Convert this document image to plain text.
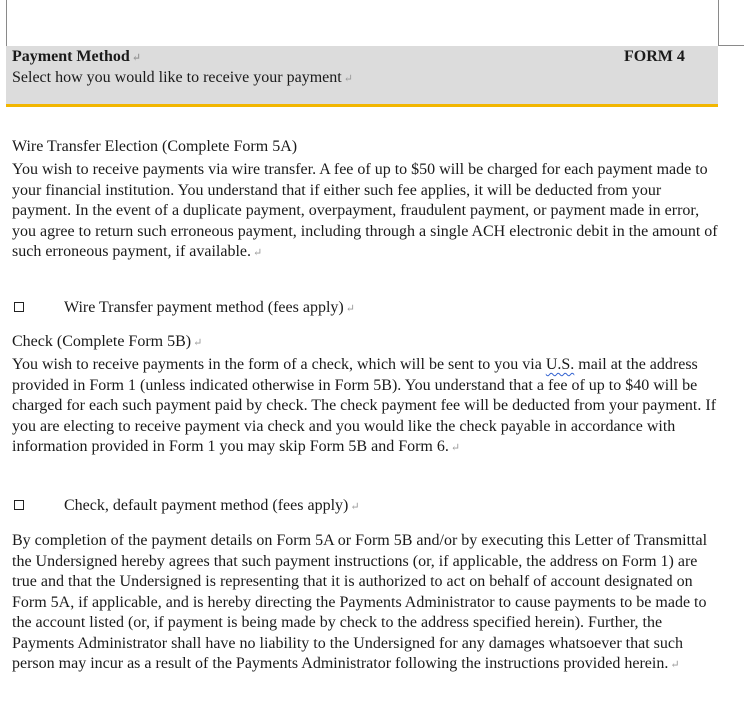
Payment Method ↵
Select how you would like to receive your payment ↵
FORM 4
Wire Transfer Election (Complete Form 5A)
You wish to receive payments via wire transfer. A fee of up to $50 will be charged for each payment made to your financial institution. You understand that if either such fee applies, it will be deducted from your payment. In the event of a duplicate payment, overpayment, fraudulent payment, or payment made in error, you agree to return such erroneous payment, including through a single ACH electronic debit in the amount of such erroneous payment, if available. ↵
Wire Transfer payment method (fees apply) ↵
Check (Complete Form 5B) ↵
You wish to receive payments in the form of a check, which will be sent to you via U.S. mail at the address provided in Form 1 (unless indicated otherwise in Form 5B). You understand that a fee of up to $40 will be charged for each such payment paid by check. The check payment fee will be deducted from your payment. If you are electing to receive payment via check and you would like the check payable in accordance with information provided in Form 1 you may skip Form 5B and Form 6. ↵
Check, default payment method (fees apply) ↵
By completion of the payment details on Form 5A or Form 5B and/or by executing this Letter of Transmittal the Undersigned hereby agrees that such payment instructions (or, if applicable, the address on Form 1) are true and that the Undersigned is representing that it is authorized to act on behalf of account designated on Form 5A, if applicable, and is hereby directing the Payments Administrator to cause payments to be made to the account listed (or, if payment is being made by check to the address specified herein). Further, the Payments Administrator shall have no liability to the Undersigned for any damages whatsoever that such person may incur as a result of the Payments Administrator following the instructions provided herein. ↵
